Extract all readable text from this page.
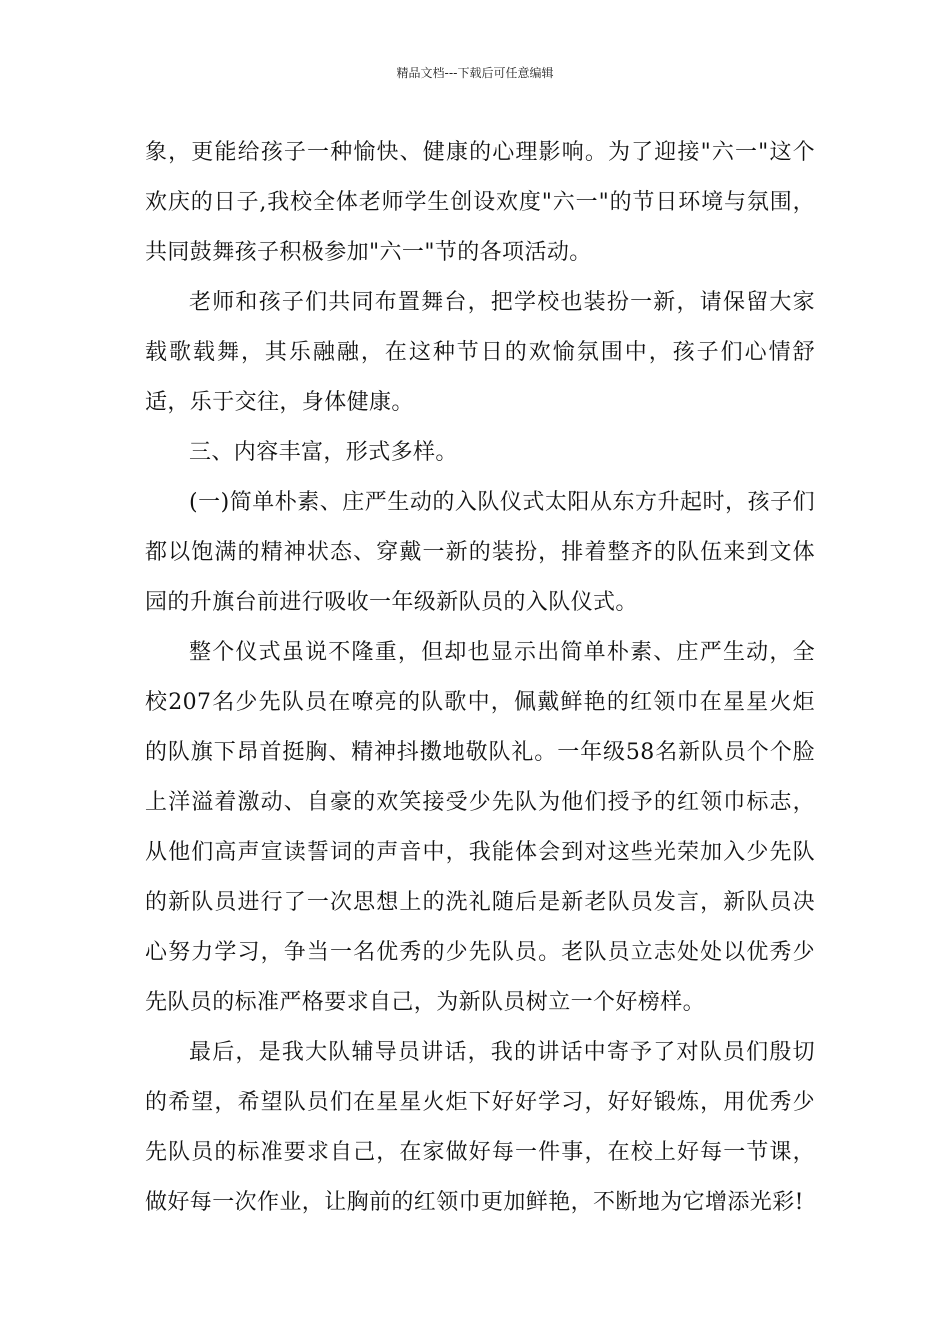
精品文档---下载后可任意编辑

象，更能给孩子一种愉快、健康的心理影响。为了迎接"六一"这个欢庆的日子,我校全体老师学生创设欢度"六一"的节日环境与氛围，共同鼓舞孩子积极参加"六一"节的各项活动。

老师和孩子们共同布置舞台，把学校也装扮一新，请保留大家载歌载舞，其乐融融，在这种节日的欢愉氛围中，孩子们心情舒适，乐于交往，身体健康。

三、内容丰富，形式多样。

(一)简单朴素、庄严生动的入队仪式太阳从东方升起时，孩子们都以饱满的精神状态、穿戴一新的装扮，排着整齐的队伍来到文体园的升旗台前进行吸收一年级新队员的入队仪式。

整个仪式虽说不隆重，但却也显示出简单朴素、庄严生动，全校207名少先队员在嘹亮的队歌中，佩戴鲜艳的红领巾在星星火炬的队旗下昂首挺胸、精神抖擞地敬队礼。一年级58名新队员个个脸上洋溢着激动、自豪的欢笑接受少先队为他们授予的红领巾标志，从他们高声宣读誓词的声音中，我能体会到对这些光荣加入少先队的新队员进行了一次思想上的洗礼随后是新老队员发言，新队员决心努力学习，争当一名优秀的少先队员。老队员立志处处以优秀少先队员的标准严格要求自己，为新队员树立一个好榜样。

最后，是我大队辅导员讲话，我的讲话中寄予了对队员们殷切的希望，希望队员们在星星火炬下好好学习，好好锻炼，用优秀少先队员的标准要求自己，在家做好每一件事，在校上好每一节课，做好每一次作业，让胸前的红领巾更加鲜艳，不断地为它增添光彩!
